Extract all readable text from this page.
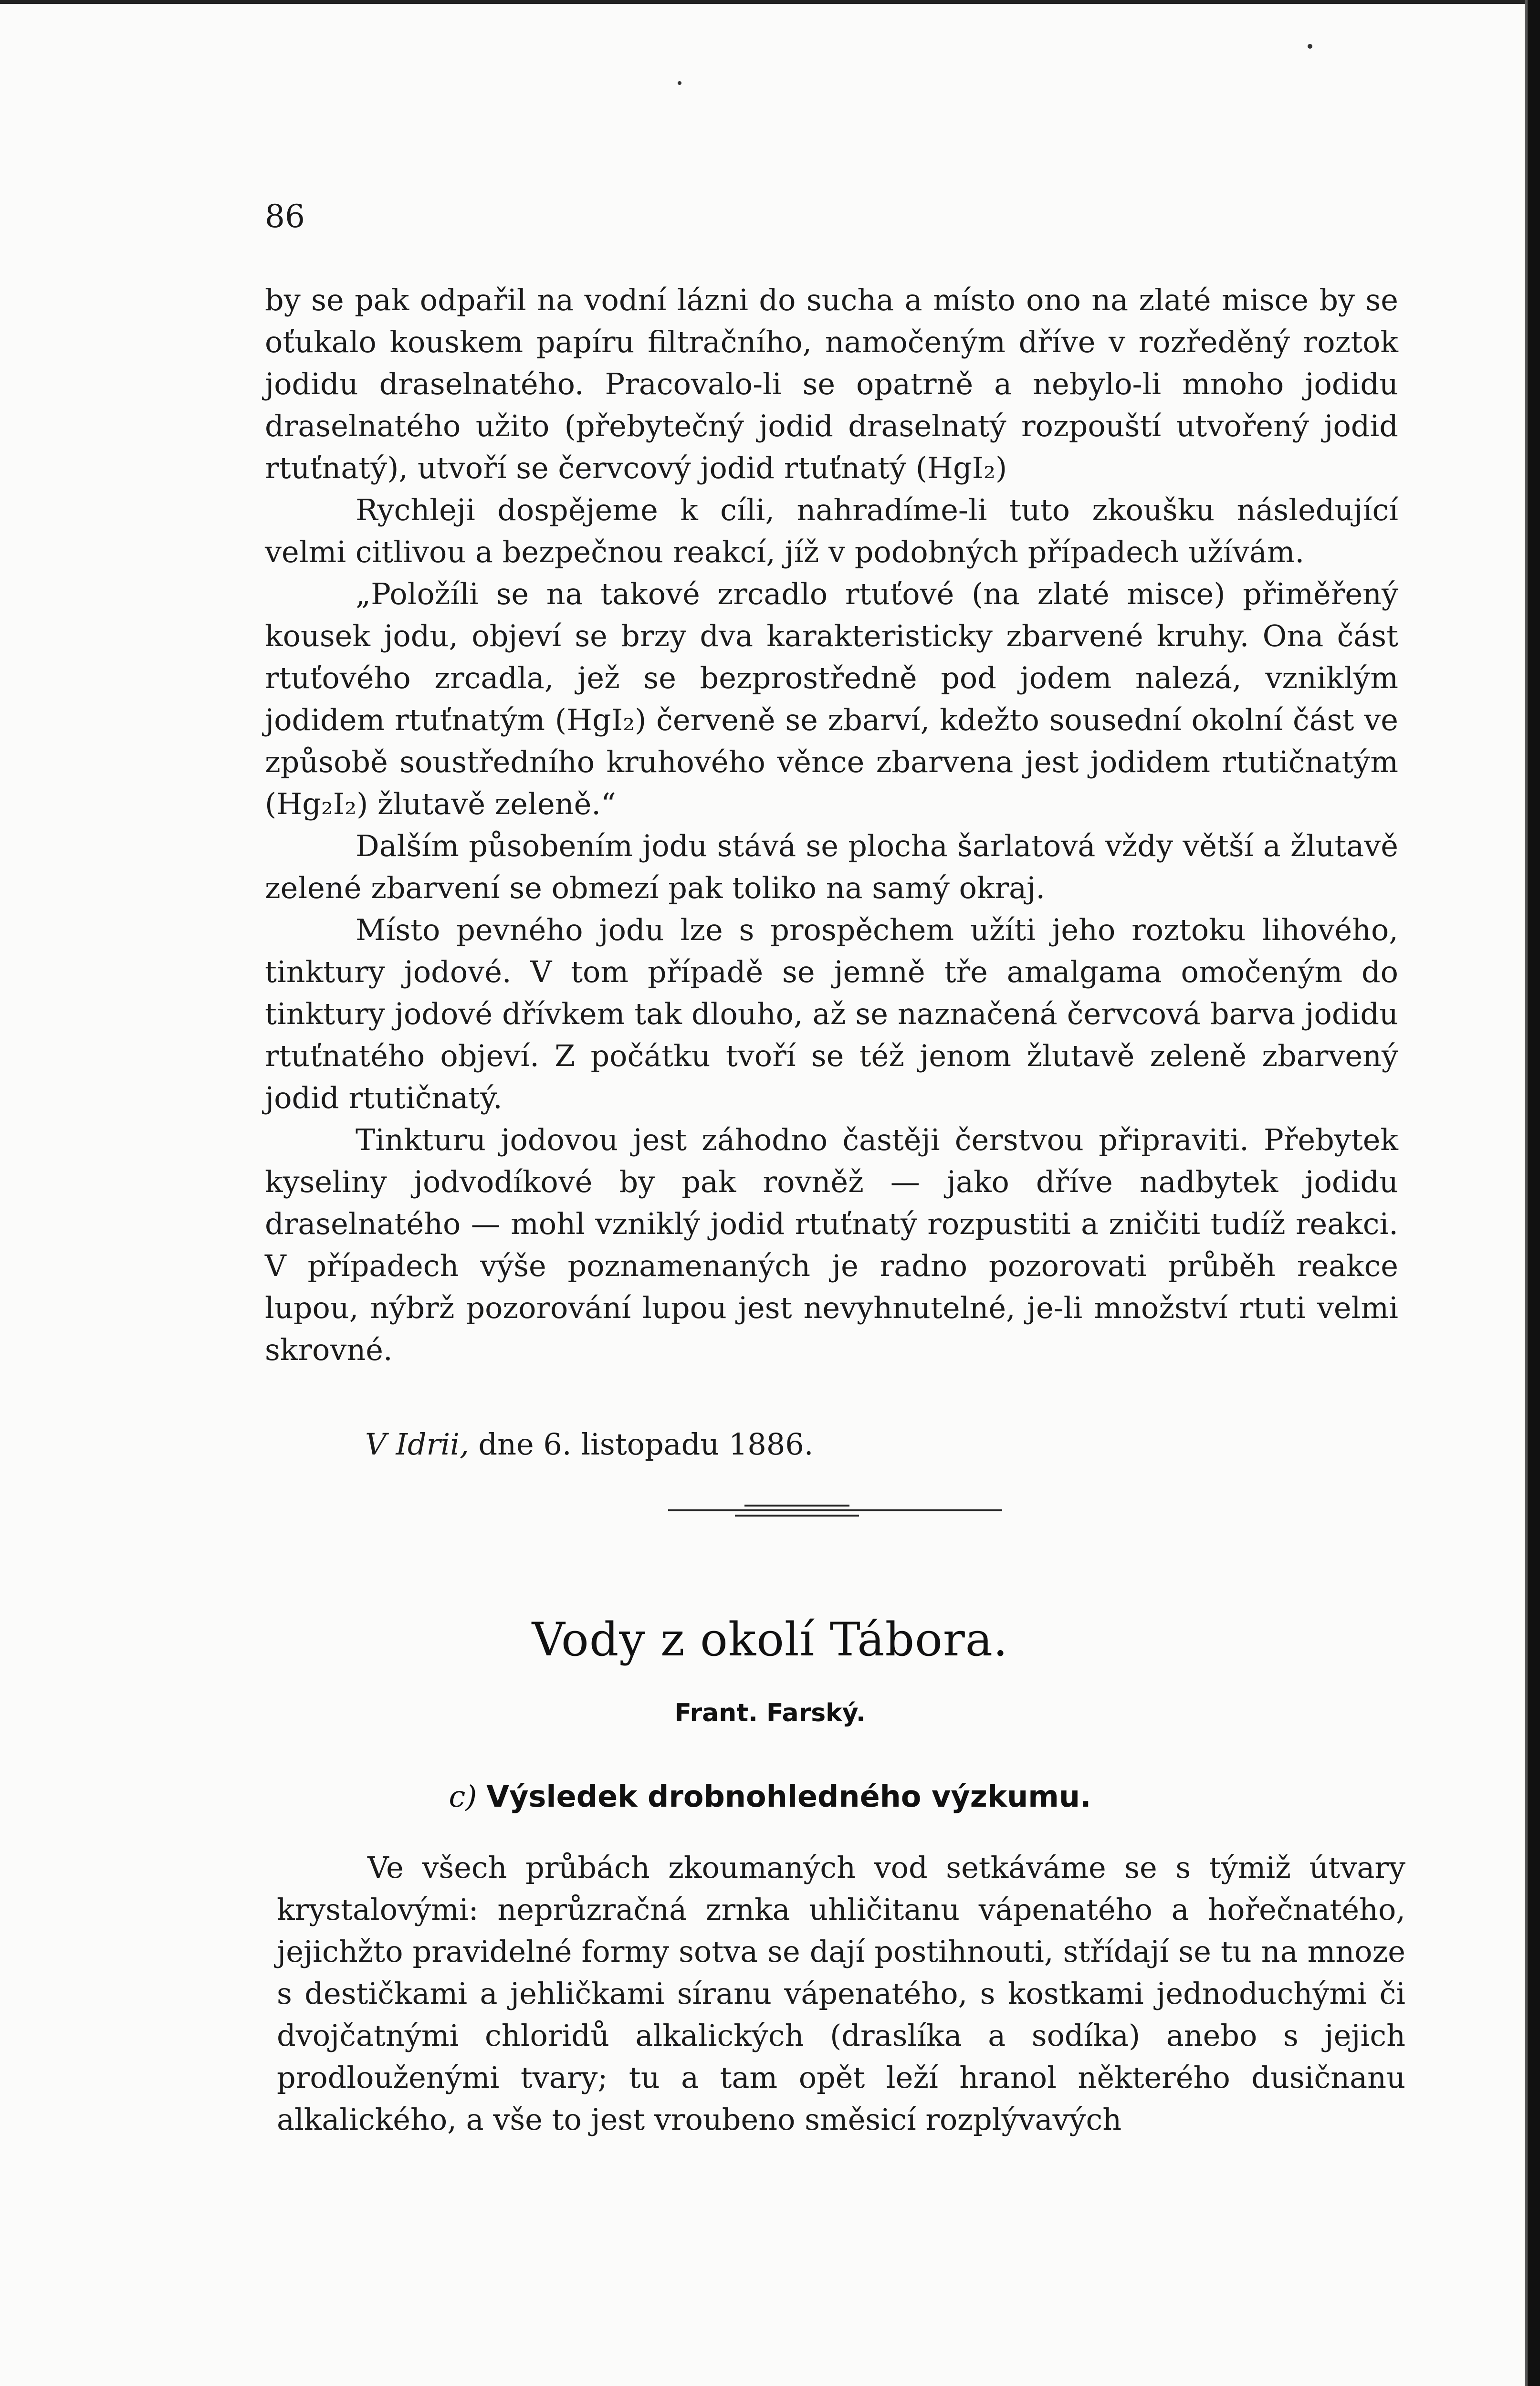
86

by se pak odpařil na vodní lázni do sucha a místo ono na zlaté misce by se oťukalo kouskem papíru filtračního, namočeným dříve v rozředěný roztok jodidu draselnatého. Pracovalo-li se opatrně a nebylo-li mnoho jodidu draselnatého užito (přebytečný jodid draselnatý rozpouští utvořený jodid rtuťnatý), utvoří se červcový jodid rtuťnatý (HgI₂)

Rychleji dospějeme k cíli, nahradíme-li tuto zkoušku následující velmi citlivou a bezpečnou reakcí, jíž v podobných případech užívám.

„Položíli se na takové zrcadlo rtuťové (na zlaté misce) přiměřený kousek jodu, objeví se brzy dva karakteristicky zbarvené kruhy. Ona část rtuťového zrcadla, jež se bezprostředně pod jodem nalezá, vzniklým jodidem rtuťnatým (HgI₂) červeně se zbarví, kdežto sousední okolní část ve způsobě soustředního kruhového věnce zbarvena jest jodidem rtutičnatým (Hg₂I₂) žlutavě zeleně.“

Dalším působením jodu stává se plocha šarlatová vždy větší a žlutavě zelené zbarvení se obmezí pak toliko na samý okraj.

Místo pevného jodu lze s prospěchem užíti jeho roztoku lihového, tinktury jodové. V tom případě se jemně tře amalgama omočeným do tinktury jodové dřívkem tak dlouho, až se naznačená červcová barva jodidu rtuťnatého objeví. Z počátku tvoří se též jenom žlutavě zeleně zbarvený jodid rtutičnatý.

Tinkturu jodovou jest záhodno častěji čerstvou připraviti. Přebytek kyseliny jodvodíkové by pak rovněž — jako dříve nadbytek jodidu draselnatého — mohl vzniklý jodid rtuťnatý rozpustiti a zničiti tudíž reakci. V případech výše poznamenaných je radno pozorovati průběh reakce lupou, nýbrž pozorování lupou jest nevyhnutelné, je-li množství rtuti velmi skrovné.

V Idrii, dne 6. listopadu 1886.
Vody z okolí Tábora.
Frant. Farský.
c) Výsledek drobnohledného výzkumu.

Ve všech průbách zkoumaných vod setkáváme se s týmiž útvary krystalovými: neprůzračná zrnka uhličitanu vápenatého a hořečnatého, jejichžto pravidelné formy sotva se dají postihnouti, střídají se tu na mnoze s destičkami a jehličkami síranu vápenatého, s kostkami jednoduchými či dvojčatnými chloridů alkalických (draslíka a sodíka) anebo s jejich prodlouženými tvary; tu a tam opět leží hranol některého dusičnanu alkalického, a vše to jest vroubeno směsicí rozplývavých
